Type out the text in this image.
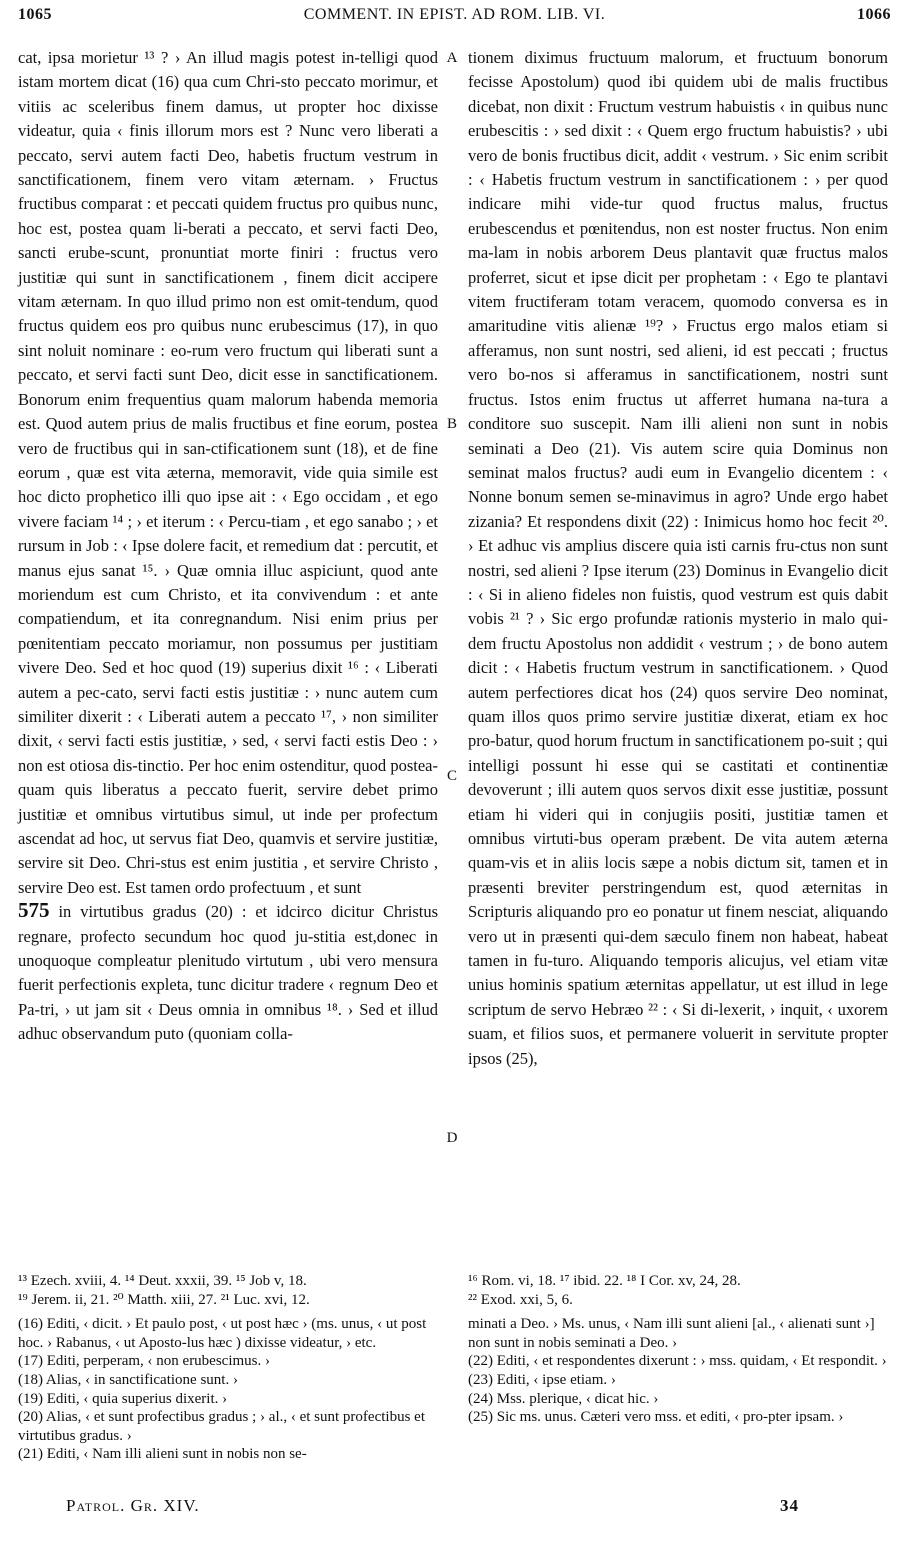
1065	COMMENT. IN EPIST. AD ROM. LIB. VI.	1066

cat, ipsa morietur ¹³ ? › An illud magis potest in-telligi quod istam mortem dicat (16) qua cum Chri-sto peccato morimur, et vitiis ac sceleribus finem damus, ut propter hoc dixisse videatur, quia ‹ finis illorum mors est ? Nunc vero liberati a peccato, servi autem facti Deo, habetis fructum vestrum in sanctificationem, finem vero vitam æternam. › Fructus fructibus comparat : et peccati quidem fructus pro quibus nunc, hoc est, postea quam li-berati a peccato, et servi facti Deo, sancti erube-scunt, pronuntiat morte finiri : fructus vero justitiæ qui sunt in sanctificationem , finem dicit accipere vitam æternam. In quo illud primo non est omit-tendum, quod fructus quidem eos pro quibus nunc erubescimus (17), in quo sint noluit nominare : eo-rum vero fructum qui liberati sunt a peccato, et servi facti sunt Deo, dicit esse in sanctificationem. Bonorum enim frequentius quam malorum habenda memoria est. Quod autem prius de malis fructibus et fine eorum, postea vero de fructibus qui in san-ctificationem sunt (18), et de fine eorum , quæ est vita æterna, memoravit, vide quia simile est hoc dicto prophetico illi quo ipse ait : ‹ Ego occidam , et ego vivere faciam ¹⁴ ; › et iterum : ‹ Percu-tiam , et ego sanabo ; › et rursum in Job : ‹ Ipse dolere facit, et remedium dat : percutit, et manus ejus sanat ¹⁵. › Quæ omnia illuc aspiciunt, quod ante moriendum est cum Christo, et ita convivendum : et ante compatiendum, et ita conregnandum. Nisi enim prius per pœnitentiam peccato moriamur, non possumus per justitiam vivere Deo. Sed et hoc quod (19) superius dixit ¹⁶ : ‹ Liberati autem a pec-cato, servi facti estis justitiæ : › nunc autem cum similiter dixerit : ‹ Liberati autem a peccato ¹⁷, › non similiter dixit, ‹ servi facti estis justitiæ, › sed, ‹ servi facti estis Deo : › non est otiosa dis-tinctio. Per hoc enim ostenditur, quod postea-quam quis liberatus a peccato fuerit, servire debet primo justitiæ et omnibus virtutibus simul, ut inde per profectum ascendat ad hoc, ut servus fiat Deo, quamvis et servire justitiæ, servire sit Deo. Chri-stus est enim justitia , et servire Christo , servire Deo est. Est tamen ordo profectuum , et sunt
575 in virtutibus gradus (20) : et idcirco dicitur Christus regnare, profecto secundum hoc quod ju-stitia est,donec in unoquoque compleatur plenitudo virtutum , ubi vero mensura fuerit perfectionis expleta, tunc dicitur tradere ‹ regnum Deo et Pa-tri, › ut jam sit ‹ Deus omnia in omnibus ¹⁸. › Sed et illud adhuc observandum puto (quoniam colla-

A
B
C
D

tionem diximus fructuum malorum, et fructuum bonorum fecisse Apostolum) quod ibi quidem ubi de malis fructibus dicebat, non dixit : Fructum vestrum habuistis ‹ in quibus nunc erubescitis : › sed dixit : ‹ Quem ergo fructum habuistis? › ubi vero de bonis fructibus dicit, addit ‹ vestrum. › Sic enim scribit : ‹ Habetis fructum vestrum in sanctificationem : › per quod indicare mihi vide-tur quod fructus malus, fructus erubescendus et pœnitendus, non est noster fructus. Non enim ma-lam in nobis arborem Deus plantavit quæ fructus malos proferret, sicut et ipse dicit per prophetam : ‹ Ego te plantavi vitem fructiferam totam veracem, quomodo conversa es in amaritudine vitis alienæ ¹⁹? › Fructus ergo malos etiam si afferamus, non sunt nostri, sed alieni, id est peccati ; fructus vero bo-nos si afferamus in sanctificationem, nostri sunt fructus. Istos enim fructus ut afferret humana na-tura a conditore suo suscepit. Nam illi alieni non sunt in nobis seminati a Deo (21). Vis autem scire quia Dominus non seminat malos fructus? audi eum in Evangelio dicentem : ‹ Nonne bonum semen se-minavimus in agro? Unde ergo habet zizania? Et respondens dixit (22) : Inimicus homo hoc fecit ²⁰. › Et adhuc vis amplius discere quia isti carnis fru-ctus non sunt nostri, sed alieni ? Ipse iterum (23) Dominus in Evangelio dicit : ‹ Si in alieno fideles non fuistis, quod vestrum est quis dabit vobis ²¹ ? › Sic ergo profundæ rationis mysterio in malo qui-dem fructu Apostolus non addidit ‹ vestrum ; › de bono autem dicit : ‹ Habetis fructum vestrum in sanctificationem. › Quod autem perfectiores dicat hos (24) quos servire Deo nominat, quam illos quos primo servire justitiæ dixerat, etiam ex hoc pro-batur, quod horum fructum in sanctificationem po-suit ; qui intelligi possunt hi esse qui se castitati et continentiæ devoverunt ; illi autem quos servos dixit esse justitiæ, possunt etiam hi videri qui in conjugiis positi, justitiæ tamen et omnibus virtuti-bus operam præbent. De vita autem æterna quam-vis et in aliis locis sæpe a nobis dictum sit, tamen et in præsenti breviter perstringendum est, quod æternitas in Scripturis aliquando pro eo ponatur ut finem nesciat, aliquando vero ut in præsenti qui-dem sæculo finem non habeat, habeat tamen in fu-turo. Aliquando temporis alicujus, vel etiam vitæ unius hominis spatium æternitas appellatur, ut est illud in lege scriptum de servo Hebræo ²² : ‹ Si di-lexerit, › inquit, ‹ uxorem suam, et filios suos, et permanere voluerit in servitute propter ipsos (25),

¹³ Ezech. xviii, 4. ¹⁴ Deut. xxxii, 39. ¹⁵ Job v, 18.

¹⁹ Jerem. ii, 21. ²⁰ Matth. xiii, 27. ²¹ Luc. xvi, 12.

(16) Editi, ‹ dicit. › Et paulo post, ‹ ut post hæc › (ms. unus, ‹ ut post hoc. › Rabanus, ‹ ut Aposto-lus hæc ) dixisse videatur, › etc.

(17) Editi, perperam, ‹ non erubescimus. ›

(18) Alias, ‹ in sanctificatione sunt. ›

(19) Editi, ‹ quia superius dixerit. ›

(20) Alias, ‹ et sunt profectibus gradus ; › al., ‹ et sunt profectibus et virtutibus gradus. ›

(21) Editi, ‹ Nam illi alieni sunt in nobis non se-

¹⁶ Rom. vi, 18. ¹⁷ ibid. 22. ¹⁸ I Cor. xv, 24, 28.

²² Exod. xxi, 5, 6.

minati a Deo. › Ms. unus, ‹ Nam illi sunt alieni [al., ‹ alienati sunt ›] non sunt in nobis seminati a Deo. ›

(22) Editi, ‹ et respondentes dixerunt : › mss. quidam, ‹ Et respondit. ›

(23) Editi, ‹ ipse etiam. ›

(24) Mss. plerique, ‹ dicat hic. ›

(25) Sic ms. unus. Cæteri vero mss. et editi, ‹ pro-pter ipsam. ›

Patrol. Gr. XIV.	34
